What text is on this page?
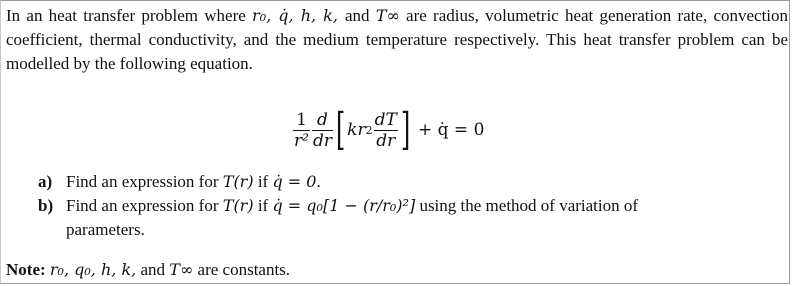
In an heat transfer problem where r₀, q̇, h, k, and T∞ are radius, volumetric heat generation rate, convection coefficient, thermal conductivity, and the medium temperature respectively. This heat transfer problem can be modelled by the following equation.
$\frac{1}{\text{r²}} \frac{d}{dr}$ [ kr $2 \frac{dT}{dr}$ ] + q̇ = 0
a) Find an expression for T(r) if q̇ = 0.
b) Find an expression for T(r) if q̇ = q₀[1 − (r/r₀)²] using the method of variation of
parameters.
Note: r₀, q₀, h, k, and T∞ are constants.
